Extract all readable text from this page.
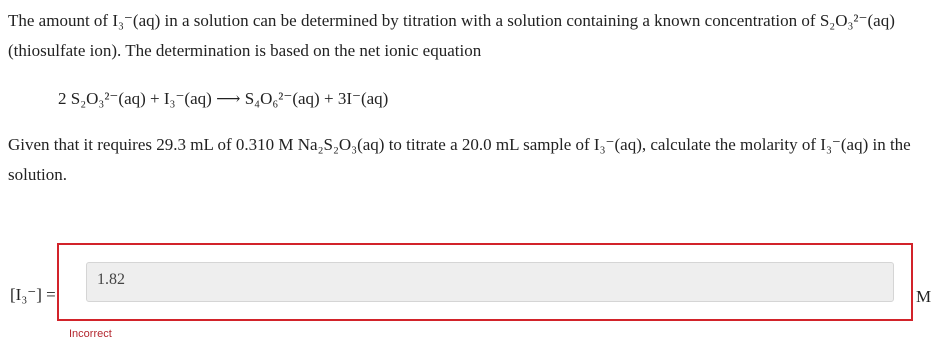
The amount of I₃⁻(aq) in a solution can be determined by titration with a solution containing a known concentration of S₂O₃²⁻(aq) (thiosulfate ion). The determination is based on the net ionic equation
2 S₂O₃²⁻(aq) + I₃⁻(aq) ⟶ S₄O₆²⁻(aq) + 3I⁻(aq)
Given that it requires 29.3 mL of 0.310 M Na₂S₂O₃(aq) to titrate a 20.0 mL sample of I₃⁻(aq), calculate the molarity of I₃⁻(aq) in the solution.
[I₃⁻] =
1.82
M
Incorrect
